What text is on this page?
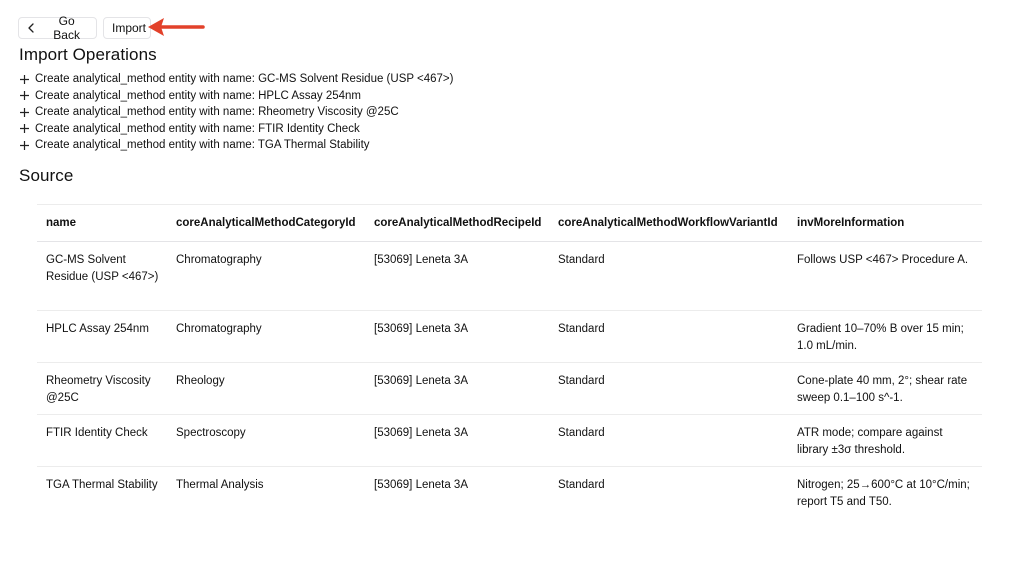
Go Back	Import
Import Operations
Create analytical_method entity with name: GC-MS Solvent Residue (USP <467>)
Create analytical_method entity with name: HPLC Assay 254nm
Create analytical_method entity with name: Rheometry Viscosity @25C
Create analytical_method entity with name: FTIR Identity Check
Create analytical_method entity with name: TGA Thermal Stability
Source
name	coreAnalyticalMethodCategoryId	coreAnalyticalMethodRecipeId	coreAnalyticalMethodWorkflowVariantId	invMoreInformation
GC-MS Solvent Residue (USP <467>)	Chromatography	[53069] Leneta 3A	Standard	Follows USP <467> Procedure A.
HPLC Assay 254nm	Chromatography	[53069] Leneta 3A	Standard	Gradient 10–70% B over 15 min; 1.0 mL/min.
Rheometry Viscosity @25C	Rheology	[53069] Leneta 3A	Standard	Cone-plate 40 mm, 2°; shear rate sweep 0.1–100 s^-1.
FTIR Identity Check	Spectroscopy	[53069] Leneta 3A	Standard	ATR mode; compare against library ±3σ threshold.
TGA Thermal Stability	Thermal Analysis	[53069] Leneta 3A	Standard	Nitrogen; 25→600°C at 10°C/min; report T5 and T50.
